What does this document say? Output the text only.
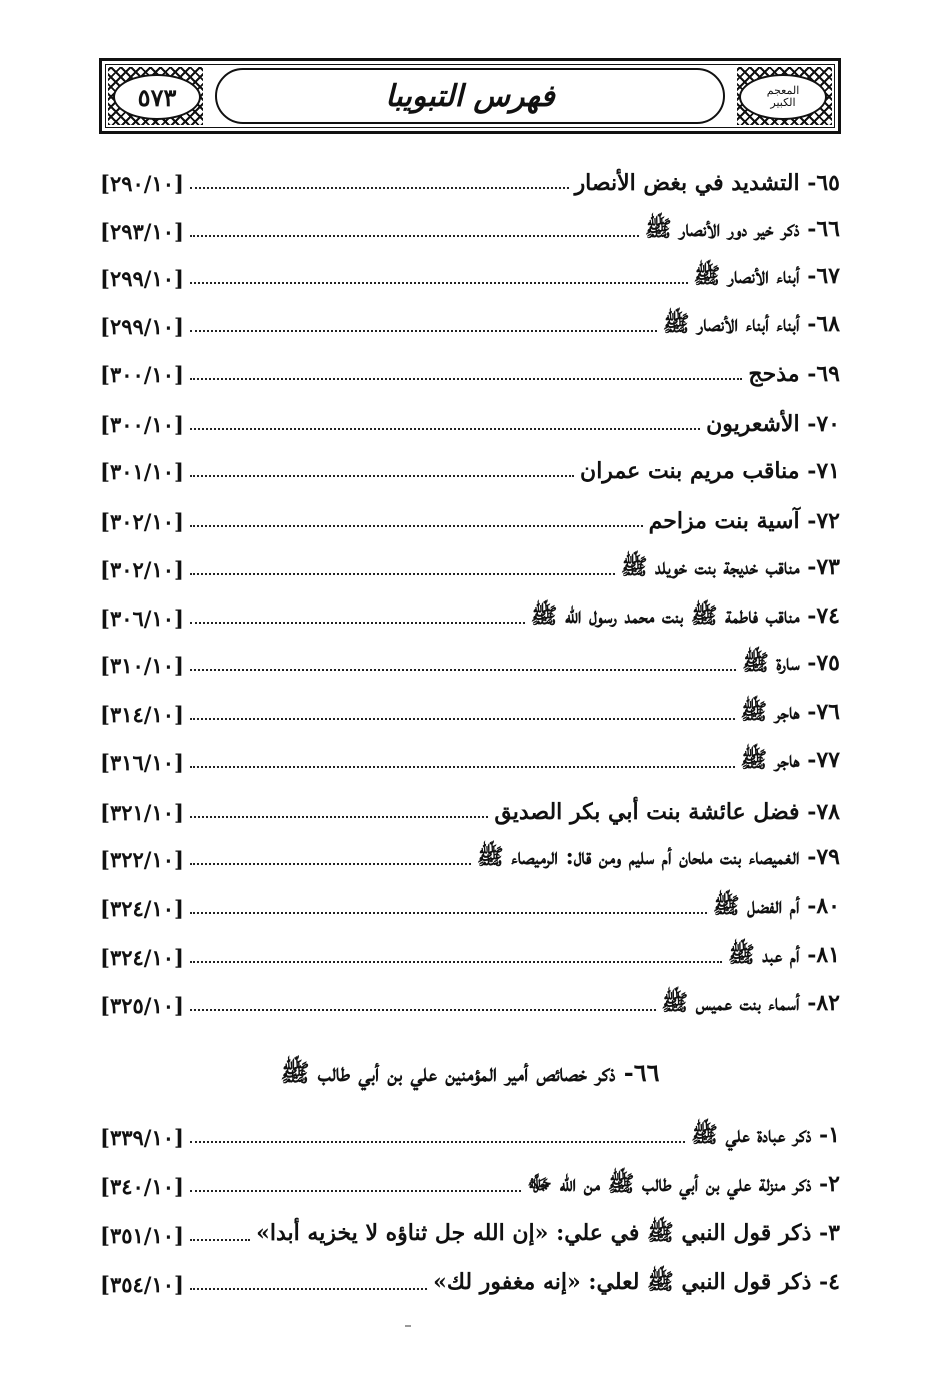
٥٧٣	المعجم
الكبير
فهرس التبويبا
٦٥- التشديد في بغض الأنصار
[٢٩٠/١٠]
٦٦- ذكر خير دور الأنصار ﷺ
[٢٩٣/١٠]
٦٧- أبناء الأنصار ﷺ
[٢٩٩/١٠]
٦٨- أبناء أبناء الأنصار ﷺ
[٢٩٩/١٠]
٦٩- مذحج
[٣٠٠/١٠]
٧٠- الأشعريون
[٣٠٠/١٠]
٧١- مناقب مريم بنت عمران
[٣٠١/١٠]
٧٢- آسية بنت مزاحم
[٣٠٢/١٠]
٧٣- مناقب خديجة بنت خويلد ﷺ
[٣٠٢/١٠]
٧٤- مناقب فاطمة ﷺ بنت محمد رسول الله ﷺ
[٣٠٦/١٠]
٧٥- سارة ﷺ
[٣١٠/١٠]
٧٦- هاجر ﷺ
[٣١٤/١٠]
٧٧- هاجر ﷺ
[٣١٦/١٠]
٧٨- فضل عائشة بنت أبي بكر الصديق
[٣٢١/١٠]
٧٩- الغميصاء بنت ملحان أم سليم ومن قال: الرميصاء ﷺ
[٣٢٢/١٠]
٨٠- أم الفضل ﷺ
[٣٢٤/١٠]
٨١- أم عبد ﷺ
[٣٢٤/١٠]
٨٢- أسماء بنت عميس ﷺ
[٣٢٥/١٠]
٦٦- ذكر خصائص أمير المؤمنين علي بن أبي طالب ﷺ
١- ذكر عبادة علي ﷺ
[٣٣٩/١٠]
٢- ذكر منزلة علي بن أبي طالب ﷺ من الله ﷻ
[٣٤٠/١٠]
٣- ذكر قول النبي ﷺ في علي: «إن الله جل ثناؤه لا يخزيه أبدا»
[٣٥١/١٠]
٤- ذكر قول النبي ﷺ لعلي: «إنه مغفور لك»
[٣٥٤/١٠]
